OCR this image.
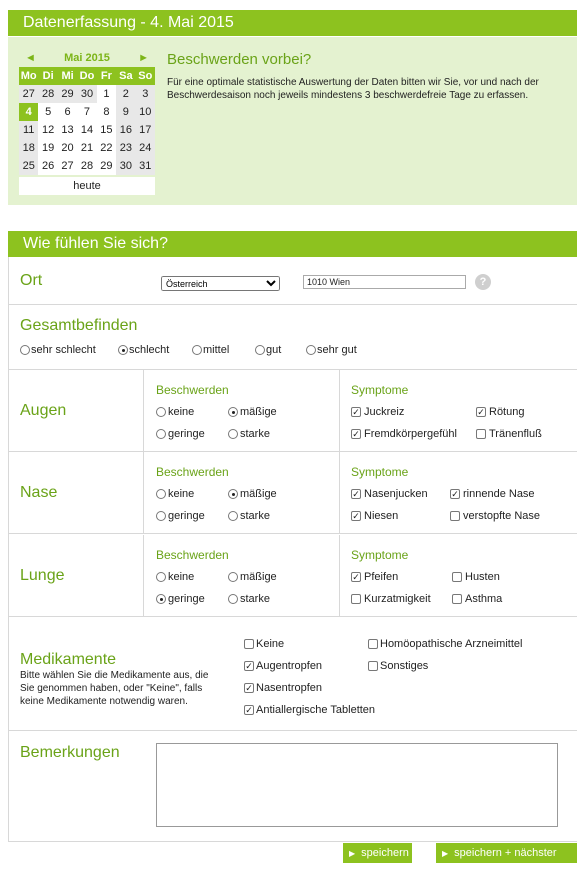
Datenerfassung - 4. Mai 2015
◄	Mai 2015	►
heute
Beschwerden vorbei?
Für eine optimale statistische Auswertung der Daten bitten wir Sie, vor und nach der Beschwerdesaison noch jeweils mindestens 3 beschwerdefreie Tage zu erfassen.
Wie fühlen Sie sich?
Ort
Österreich	1010 Wien	?
Gesamtbefinden
Medikamente
Bitte wählen Sie die Medikamente aus, die Sie genommen haben, oder "Keine", falls keine Medikamente notwendig waren.
Bemerkungen
▶ speichern	▶ speichern + nächster Tag
Mo Di Mi Do Fr Sa So
27 28 29 30 1	2	3
4	5	6	7	8	9 10
11 12 13 14 15 16 17
18 19 20 21 22 23 24
25 26 27 28 29 30 31
sehr schlecht	schlecht	mittel	gut	sehr gut
Augen
Beschwerden	Symptome
keine	mäßige
geringe	starke
✓ Juckreiz	✓ Rötung
✓ Fremdkörpergefühl	Tränenfluß
Nase
Beschwerden	Symptome
keine	mäßige
geringe	starke
✓ Nasenjucken	✓ rinnende Nase
✓ Niesen	verstopfte Nase
Lunge
Beschwerden	Symptome
keine	mäßige
geringe	starke
✓ Pfeifen	Husten
Kurzatmigkeit	Asthma
Keine	Homöopathische Arzneimittel
✓ Augentropfen	Sonstiges
✓ Nasentropfen
✓ Antiallergische Tabletten
